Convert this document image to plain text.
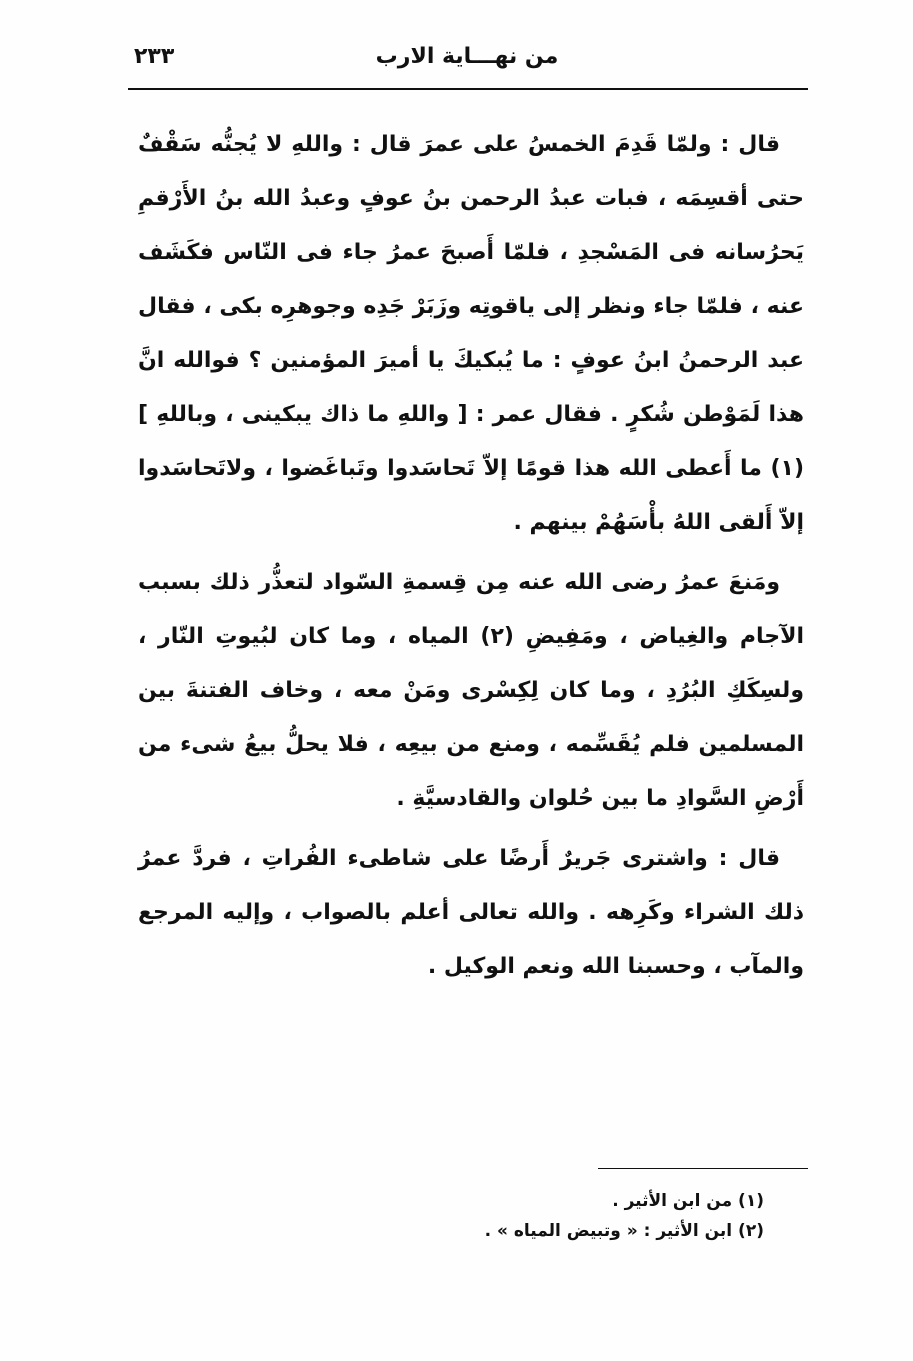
من نهـــاية الارب
٢٣٣

قال : ولمّا قَدِمَ الخمسُ على عمرَ قال : واللهِ لا يُجنُّه سَقْفٌ حتى أقسِمَه ، فبات عبدُ الرحمن بنُ عوفٍ وعبدُ الله بنُ الأَرْقمِ يَحرُسانه فى المَسْجدِ ، فلمّا أَصبحَ عمرُ جاء فى النّاس فكَشَف عنه ، فلمّا جاء ونظر إلى ياقوتِه وزَبَرْ جَدِه وجوهرِه بكى ، فقال عبد الرحمنُ ابنُ عوفٍ : ما يُبكيكَ يا أميرَ المؤمنين ؟ فوالله انَّ هذا لَمَوْطن شُكرٍ . فقال عمر : [ واللهِ ما ذاك يبكينى ، وباللهِ ] (١) ما أَعطى الله هذا قومًا إلاّ تَحاسَدوا وتَباغَضوا ، ولاتَحاسَدوا إلاّ أَلقى اللهُ بأْسَهُمْ بينهم .

ومَنعَ عمرُ رضى الله عنه مِن قِسمةِ السّواد لتعذُّر ذلك بسبب الآجام والغِياض ، ومَفِيضِ (٢) المياه ، وما كان لبُيوتِ النّار ، ولسِكَكِ البُرُدِ ، وما كان لِكِسْرى ومَنْ معه ، وخاف الفتنةَ بين المسلمين فلم يُقَسِّمه ، ومنع من بيعِه ، فلا يحلُّ بيعُ شىء من أَرْضِ السَّوادِ ما بين حُلوان والقادسيَّةِ .

قال : واشترى جَريرٌ أَرضًا على شاطىء الفُراتِ ، فردَّ عمرُ ذلك الشراء وكَرِهه . والله تعالى أعلم بالصواب ، وإليه المرجع والمآب ، وحسبنا الله ونعم الوكيل .

(١) من ابن الأثير .

(٢) ابن الأثير : « وتبيض المياه » .
